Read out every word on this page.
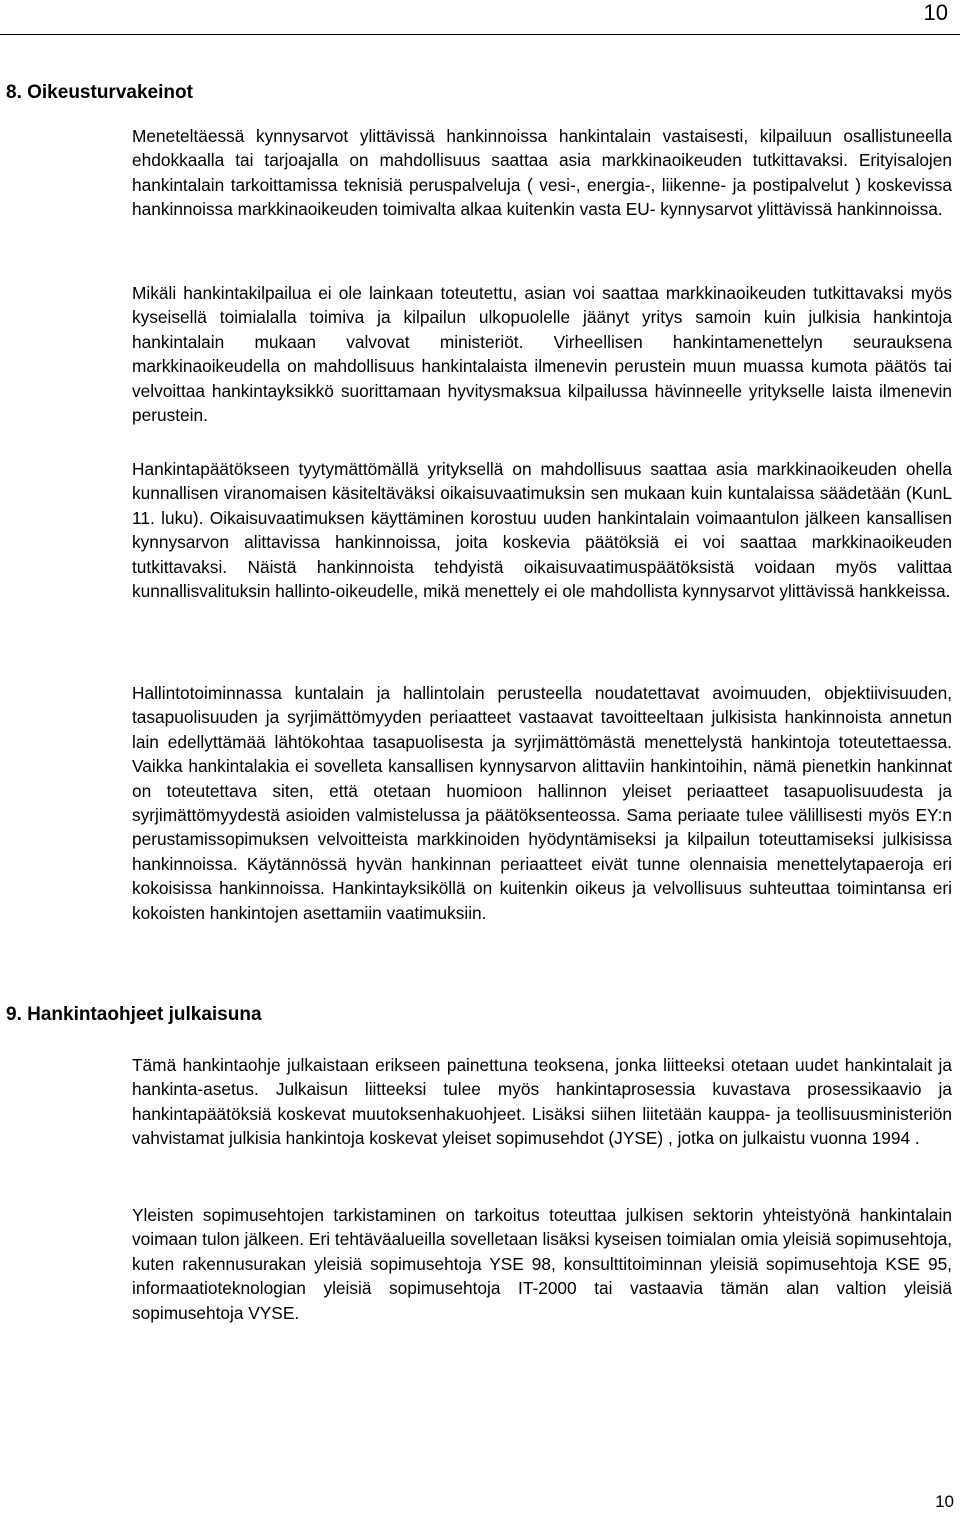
10
8. Oikeusturvakeinot

Meneteltäessä kynnysarvot ylittävissä hankinnoissa hankintalain vastaisesti, kilpailuun osallistuneella ehdokkaalla tai tarjoajalla on mahdollisuus saattaa asia markkinaoikeuden tutkittavaksi. Erityisalojen hankintalain tarkoittamissa teknisiä peruspalveluja ( vesi-, energia-, liikenne- ja postipalvelut ) koskevissa hankinnoissa markkinaoikeuden toimivalta alkaa kuitenkin vasta EU- kynnysarvot ylittävissä hankinnoissa.

Mikäli hankintakilpailua ei ole lainkaan toteutettu, asian voi saattaa markkinaoikeuden tutkittavaksi myös kyseisellä toimialalla toimiva ja kilpailun ulkopuolelle jäänyt yritys samoin kuin julkisia hankintoja hankintalain mukaan valvovat ministeriöt. Virheellisen hankintamenettelyn seurauksena markkinaoikeudella on mahdollisuus hankintalaista ilmenevin perustein muun muassa kumota päätös tai velvoittaa hankintayksikkö suorittamaan hyvitysmaksua kilpailussa hävinneelle yritykselle laista ilmenevin perustein.

Hankintapäätökseen tyytymättömällä yrityksellä on mahdollisuus saattaa asia markkinaoikeuden ohella kunnallisen viranomaisen käsiteltäväksi oikaisuvaatimuksin sen mukaan kuin kuntalaissa säädetään (KunL 11. luku). Oikaisuvaatimuksen käyttäminen korostuu uuden hankintalain voimaantulon jälkeen kansallisen kynnysarvon alittavissa hankinnoissa, joita koskevia päätöksiä ei voi saattaa markkinaoikeuden tutkittavaksi. Näistä hankinnoista tehdyistä oikaisuvaatimuspäätöksistä voidaan myös valittaa kunnallisvalituksin hallinto-oikeudelle, mikä menettely ei ole mahdollista kynnysarvot ylittävissä hankkeissa.

Hallintotoiminnassa kuntalain ja hallintolain perusteella noudatettavat avoimuuden, objektiivisuuden, tasapuolisuuden ja syrjimättömyyden periaatteet vastaavat tavoitteeltaan julkisista hankinnoista annetun lain edellyttämää lähtökohtaa tasapuolisesta ja syrjimättömästä menettelystä hankintoja toteutettaessa. Vaikka hankintalakia ei sovelleta kansallisen kynnysarvon alittaviin hankintoihin, nämä pienetkin hankinnat on toteutettava siten, että otetaan huomioon hallinnon yleiset periaatteet tasapuolisuudesta ja syrjimättömyydestä asioiden valmistelussa ja päätöksenteossa. Sama periaate tulee välillisesti myös EY:n perustamissopimuksen velvoitteista markkinoiden hyödyntämiseksi ja kilpailun toteuttamiseksi julkisissa hankinnoissa. Käytännössä hyvän hankinnan periaatteet eivät tunne olennaisia menettelytapaeroja eri kokoisissa hankinnoissa. Hankintayksiköllä on kuitenkin oikeus ja velvollisuus suhteuttaa toimintansa eri kokoisten hankintojen asettamiin vaatimuksiin.

9. Hankintaohjeet julkaisuna

Tämä hankintaohje julkaistaan erikseen painettuna teoksena, jonka liitteeksi otetaan uudet hankintalait ja hankinta-asetus. Julkaisun liitteeksi tulee myös hankintaprosessia kuvastava prosessikaavio ja hankintapäätöksiä koskevat muutoksenhakuohjeet. Lisäksi siihen liitetään kauppa- ja teollisuusministeriön vahvistamat julkisia hankintoja koskevat yleiset sopimusehdot (JYSE) , jotka on julkaistu vuonna 1994 .

Yleisten sopimusehtojen tarkistaminen on tarkoitus toteuttaa julkisen sektorin yhteistyönä hankintalain voimaan tulon jälkeen. Eri tehtäväalueilla sovelletaan lisäksi kyseisen toimialan omia yleisiä sopimusehtoja, kuten rakennusurakan yleisiä sopimusehtoja YSE 98, konsulttitoiminnan yleisiä sopimusehtoja KSE 95, informaatioteknologian yleisiä sopimusehtoja IT-2000 tai vastaavia tämän alan valtion yleisiä sopimusehtoja VYSE.

10
